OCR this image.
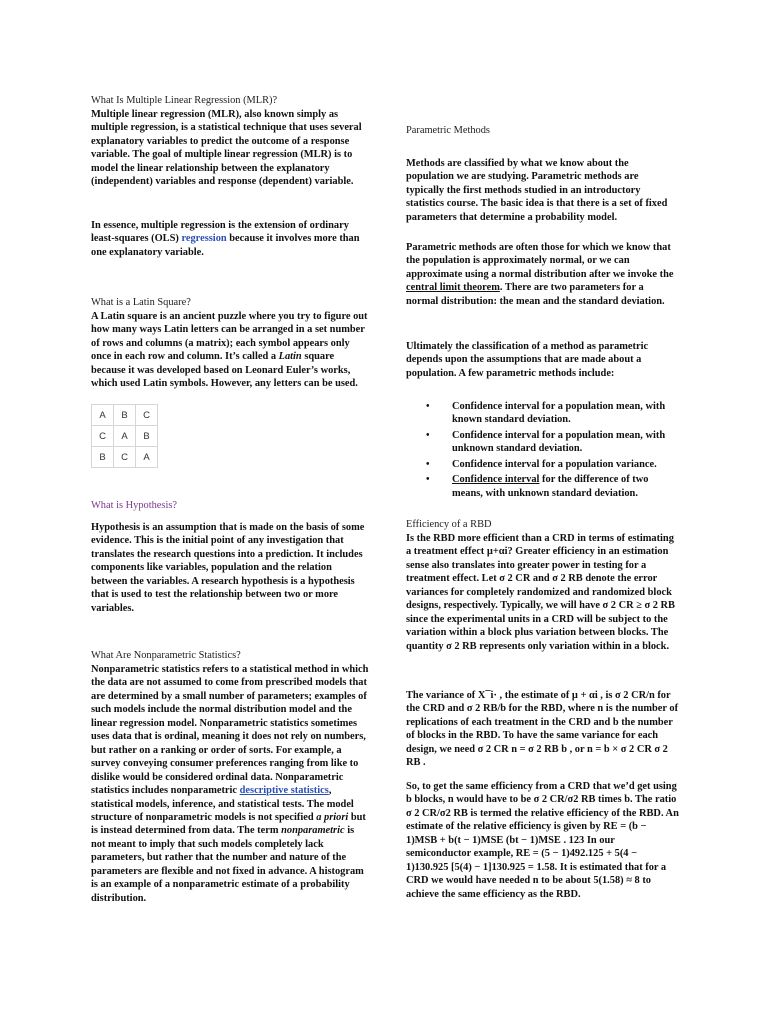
What Is Multiple Linear Regression (MLR)?

Multiple linear regression (MLR), also known simply as multiple regression, is a statistical technique that uses several explanatory variables to predict the outcome of a response variable. The goal of multiple linear regression (MLR) is to model the linear relationship between the explanatory (independent) variables and response (dependent) variable.

In essence, multiple regression is the extension of ordinary least-squares (OLS) regression because it involves more than one explanatory variable.

What is a Latin Square?

A Latin square is an ancient puzzle where you try to figure out how many ways Latin letters can be arranged in a set number of rows and columns (a matrix); each symbol appears only once in each row and column. It’s called a Latin square because it was developed based on Leonard Euler’s works, which used Latin symbols. However, any letters can be used.

A	B	C
C	A	B
B	C	A
What is Hypothesis?

Hypothesis is an assumption that is made on the basis of some evidence. This is the initial point of any investigation that translates the research questions into a prediction. It includes components like variables, population and the relation between the variables. A research hypothesis is a hypothesis that is used to test the relationship between two or more variables.

What Are Nonparametric Statistics?

Nonparametric statistics refers to a statistical method in which the data are not assumed to come from prescribed models that are determined by a small number of parameters; examples of such models include the normal distribution model and the linear regression model. Nonparametric statistics sometimes uses data that is ordinal, meaning it does not rely on numbers, but rather on a ranking or order of sorts. For example, a survey conveying consumer preferences ranging from like to dislike would be considered ordinal data. Nonparametric statistics includes nonparametric descriptive statistics, statistical models, inference, and statistical tests. The model structure of nonparametric models is not specified a priori but is instead determined from data. The term nonparametric is not meant to imply that such models completely lack parameters, but rather that the number and nature of the parameters are flexible and not fixed in advance. A histogram is an example of a nonparametric estimate of a probability distribution.

Parametric Methods

Methods are classified by what we know about the population we are studying. Parametric methods are typically the first methods studied in an introductory statistics course. The basic idea is that there is a set of fixed parameters that determine a probability model.

Parametric methods are often those for which we know that the population is approximately normal, or we can approximate using a normal distribution after we invoke the central limit theorem. There are two parameters for a normal distribution: the mean and the standard deviation.

Ultimately the classification of a method as parametric depends upon the assumptions that are made about a population. A few parametric methods include:

• Confidence interval for a population mean, with known standard deviation.
• Confidence interval for a population mean, with unknown standard deviation.
• Confidence interval for a population variance.
• Confidence interval for the difference of two means, with unknown standard deviation.
Efficiency of a RBD

Is the RBD more efficient than a CRD in terms of estimating a treatment effect µ+αi? Greater efficiency in an estimation sense also translates into greater power in testing for a treatment effect. Let σ 2 CR and σ 2 RB denote the error variances for completely randomized and randomized block designs, respectively. Typically, we will have σ 2 CR ≥ σ 2 RB since the experimental units in a CRD will be subject to the variation within a block plus variation between blocks. The quantity σ 2 RB represents only variation within in a block.

The variance of X¯i· , the estimate of µ + αi , is σ 2 CR/n for the CRD and σ 2 RB/b for the RBD, where n is the number of replications of each treatment in the CRD and b the number of blocks in the RBD. To have the same variance for each design, we need σ 2 CR n = σ 2 RB b , or n = b × σ 2 CR σ 2 RB .

So, to get the same efficiency from a CRD that we’d get using b blocks, n would have to be σ 2 CR/σ2 RB times b. The ratio σ 2 CR/σ2 RB is termed the relative efficiency of the RBD. An estimate of the relative efficiency is given by RE = (b − 1)MSB + b(t − 1)MSE (bt − 1)MSE . 123 In our semiconductor example, RE = (5 − 1)492.125 + 5(4 − 1)130.925 [5(4) − 1]130.925 = 1.58. It is estimated that for a CRD we would have needed n to be about 5(1.58) ≈ 8 to achieve the same efficiency as the RBD.
